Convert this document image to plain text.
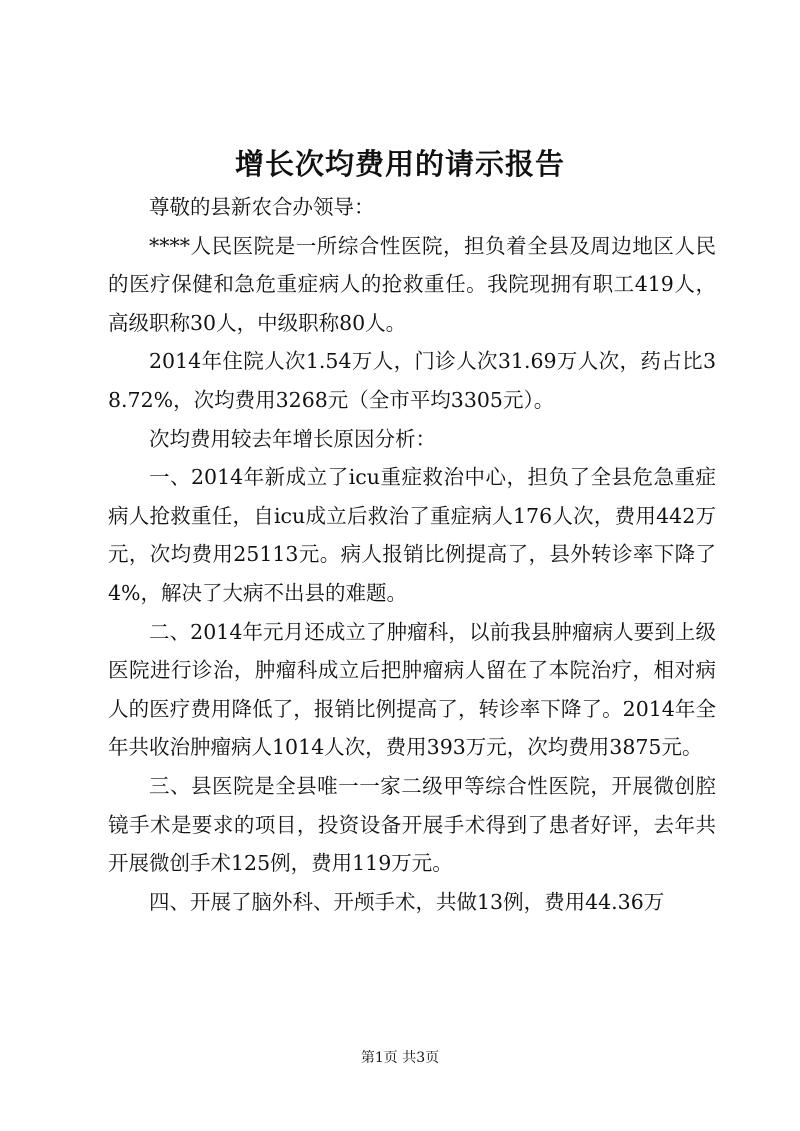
增长次均费用的请示报告

尊敬的县新农合办领导：

****人民医院是一所综合性医院，担负着全县及周边地区人民的医疗保健和急危重症病人的抢救重任。我院现拥有职工419人，高级职称30人，中级职称80人。

2014年住院人次1.54万人，门诊人次31.69万人次，药占比38.72%，次均费用3268元（全市平均3305元）。

次均费用较去年增长原因分析：

一、2014年新成立了icu重症救治中心，担负了全县危急重症病人抢救重任，自icu成立后救治了重症病人176人次，费用442万元，次均费用25113元。病人报销比例提高了，县外转诊率下降了4%，解决了大病不出县的难题。

二、2014年元月还成立了肿瘤科，以前我县肿瘤病人要到上级医院进行诊治，肿瘤科成立后把肿瘤病人留在了本院治疗，相对病人的医疗费用降低了，报销比例提高了，转诊率下降了。2014年全年共收治肿瘤病人1014人次，费用393万元，次均费用3875元。

三、县医院是全县唯一一家二级甲等综合性医院，开展微创腔镜手术是要求的项目，投资设备开展手术得到了患者好评，去年共开展微创手术125例，费用119万元。

四、开展了脑外科、开颅手术，共做13例，费用44.36万

第1页 共3页
